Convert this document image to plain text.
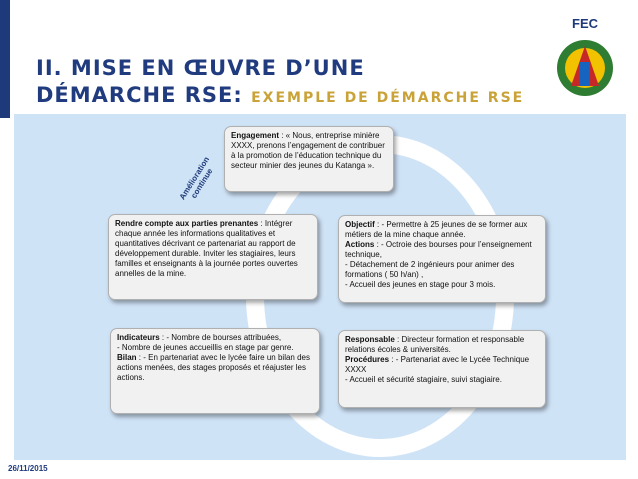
II. MISE EN ŒUVRE D’UNE
DÉMARCHE RSE: EXEMPLE DE DÉMARCHE RSE
FEC
Amélioration continue
Engagement : « Nous, entreprise minière XXXX, prenons l’engagement de contribuer à la promotion de l’éducation technique du secteur minier des jeunes du Katanga ».
Objectif : - Permettre à 25 jeunes de se former aux métiers de la mine chaque année.
Actions : - Octroie des bourses pour l’enseignement technique,
- Détachement de 2 ingénieurs pour animer des formations ( 50 h/an) ,
- Accueil des jeunes en stage pour 3 mois.
Responsable : Directeur formation et responsable relations écoles & universités.
Procédures : - Partenariat avec le Lycée Technique XXXX
- Accueil et sécurité stagiaire, suivi stagiaire.
Indicateurs : - Nombre de bourses attribuées,
- Nombre de jeunes accueillis en stage par genre.
Bilan : - En partenariat avec le lycée faire un bilan des actions menées, des stages proposés et réajuster les actions.
Rendre compte aux parties prenantes : Intégrer chaque année les informations qualitatives et quantitatives décrivant ce partenariat au rapport de développement durable. Inviter les stagiaires, leurs familles et enseignants à la journée portes ouvertes annelles de la mine.
26/11/2015
